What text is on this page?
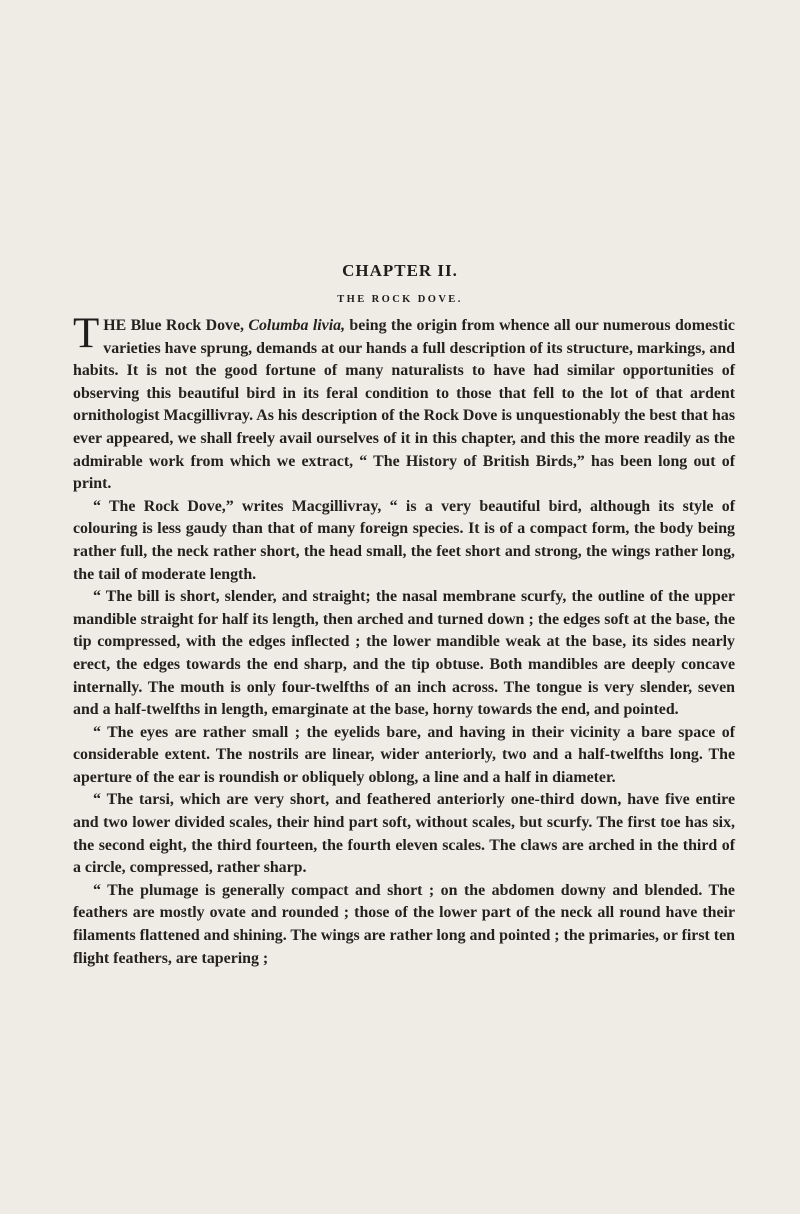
CHAPTER II.
THE ROCK DOVE.

THE Blue Rock Dove, Columba livia, being the origin from whence all our numerous domestic varieties have sprung, demands at our hands a full description of its structure, markings, and habits. It is not the good fortune of many naturalists to have had similar opportunities of observing this beautiful bird in its feral condition to those that fell to the lot of that ardent ornithologist Macgillivray. As his description of the Rock Dove is unquestionably the best that has ever appeared, we shall freely avail ourselves of it in this chapter, and this the more readily as the admirable work from which we extract, “ The History of British Birds,” has been long out of print.

“ The Rock Dove,” writes Macgillivray, “ is a very beautiful bird, although its style of colouring is less gaudy than that of many foreign species. It is of a compact form, the body being rather full, the neck rather short, the head small, the feet short and strong, the wings rather long, the tail of moderate length.

“ The bill is short, slender, and straight; the nasal membrane scurfy, the outline of the upper mandible straight for half its length, then arched and turned down ; the edges soft at the base, the tip compressed, with the edges inflected ; the lower mandible weak at the base, its sides nearly erect, the edges towards the end sharp, and the tip obtuse. Both mandibles are deeply concave internally. The mouth is only four-twelfths of an inch across. The tongue is very slender, seven and a half-twelfths in length, emarginate at the base, horny towards the end, and pointed.

“ The eyes are rather small ; the eyelids bare, and having in their vicinity a bare space of considerable extent. The nostrils are linear, wider anteriorly, two and a half-twelfths long. The aperture of the ear is roundish or obliquely oblong, a line and a half in diameter.

“ The tarsi, which are very short, and feathered anteriorly one-third down, have five entire and two lower divided scales, their hind part soft, without scales, but scurfy. The first toe has six, the second eight, the third fourteen, the fourth eleven scales. The claws are arched in the third of a circle, compressed, rather sharp.

“ The plumage is generally compact and short ; on the abdomen downy and blended. The feathers are mostly ovate and rounded ; those of the lower part of the neck all round have their filaments flattened and shining. The wings are rather long and pointed ; the primaries, or first ten flight feathers, are tapering ;
